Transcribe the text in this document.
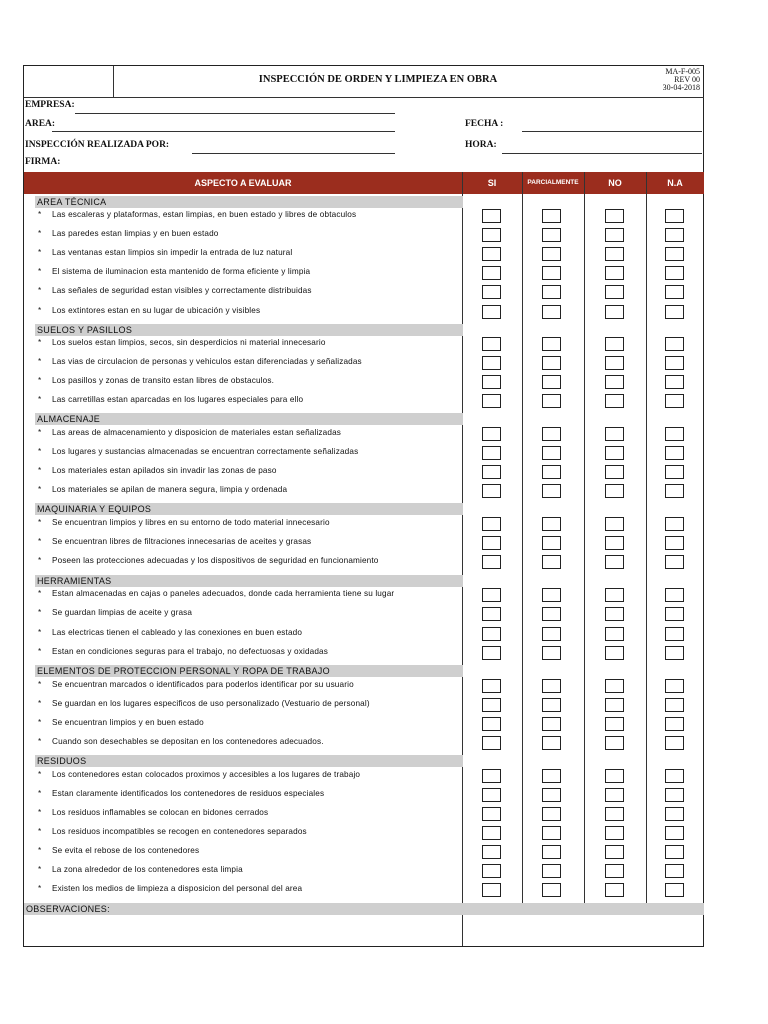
INSPECCIÓN DE ORDEN Y LIMPIEZA EN OBRA
MA-F-005
REV 00
30-04-2018
EMPRESA:
AREA:	FECHA :
INSPECCIÓN REALIZADA POR:	HORA:
FIRMA:
ASPECTO A EVALUAR	SI	PARCIALMENTE	NO	N.A
AREA TÉCNICA
* Las escaleras y plataformas, estan limpias, en buen estado y libres de obtaculos
* Las paredes estan limpias y en buen estado
* Las ventanas estan limpios sin impedir la entrada de luz natural
* El sistema de iluminacion esta mantenido de forma eficiente y limpia
* Las señales de seguridad estan visibles y correctamente distribuidas
* Los extintores estan en su lugar de ubicación y visibles
SUELOS Y PASILLOS
* Los suelos estan limpios, secos, sin desperdicios ni material innecesario
* Las vias de circulacion de personas y vehiculos estan diferenciadas y señalizadas
* Los pasillos y zonas de transito estan libres de obstaculos.
* Las carretillas estan aparcadas en los lugares especiales para ello
ALMACENAJE
* Las areas de almacenamiento y disposicion de materiales estan señalizadas
* Los lugares y sustancias almacenadas se encuentran correctamente señalizadas
* Los materiales estan apilados sin invadir las zonas de paso
* Los materiales se apilan de manera segura, limpia y ordenada
MAQUINARIA Y EQUIPOS
* Se encuentran limpios y libres en su entorno de todo material innecesario
* Se encuentran libres de filtraciones innecesarias de aceites y grasas
* Poseen las protecciones adecuadas y los dispositivos de seguridad en funcionamiento
HERRAMIENTAS
* Estan almacenadas en cajas o paneles adecuados, donde cada herramienta tiene su lugar
* Se guardan limpias de aceite y grasa
* Las electricas tienen el cableado y las conexiones en buen estado
* Estan en condiciones seguras para el trabajo, no defectuosas y oxidadas
ELEMENTOS DE PROTECCION PERSONAL Y ROPA DE TRABAJO
* Se encuentran marcados o identificados para poderlos identificar por su usuario
* Se guardan en los lugares especificos de uso personalizado (Vestuario de personal)
* Se encuentran limpios y en buen estado
* Cuando son desechables se depositan en los contenedores adecuados.
RESIDUOS
* Los contenedores estan colocados proximos y accesibles a los lugares de trabajo
* Estan claramente identificados los contenedores de residuos especiales
* Los residuos inflamables se colocan en bidones cerrados
* Los residuos incompatibles se recogen en contenedores separados
* Se evita el rebose de los contenedores
* La zona alrededor de los contenedores esta limpia
* Existen los medios de limpieza a disposicion del personal del area
OBSERVACIONES:
